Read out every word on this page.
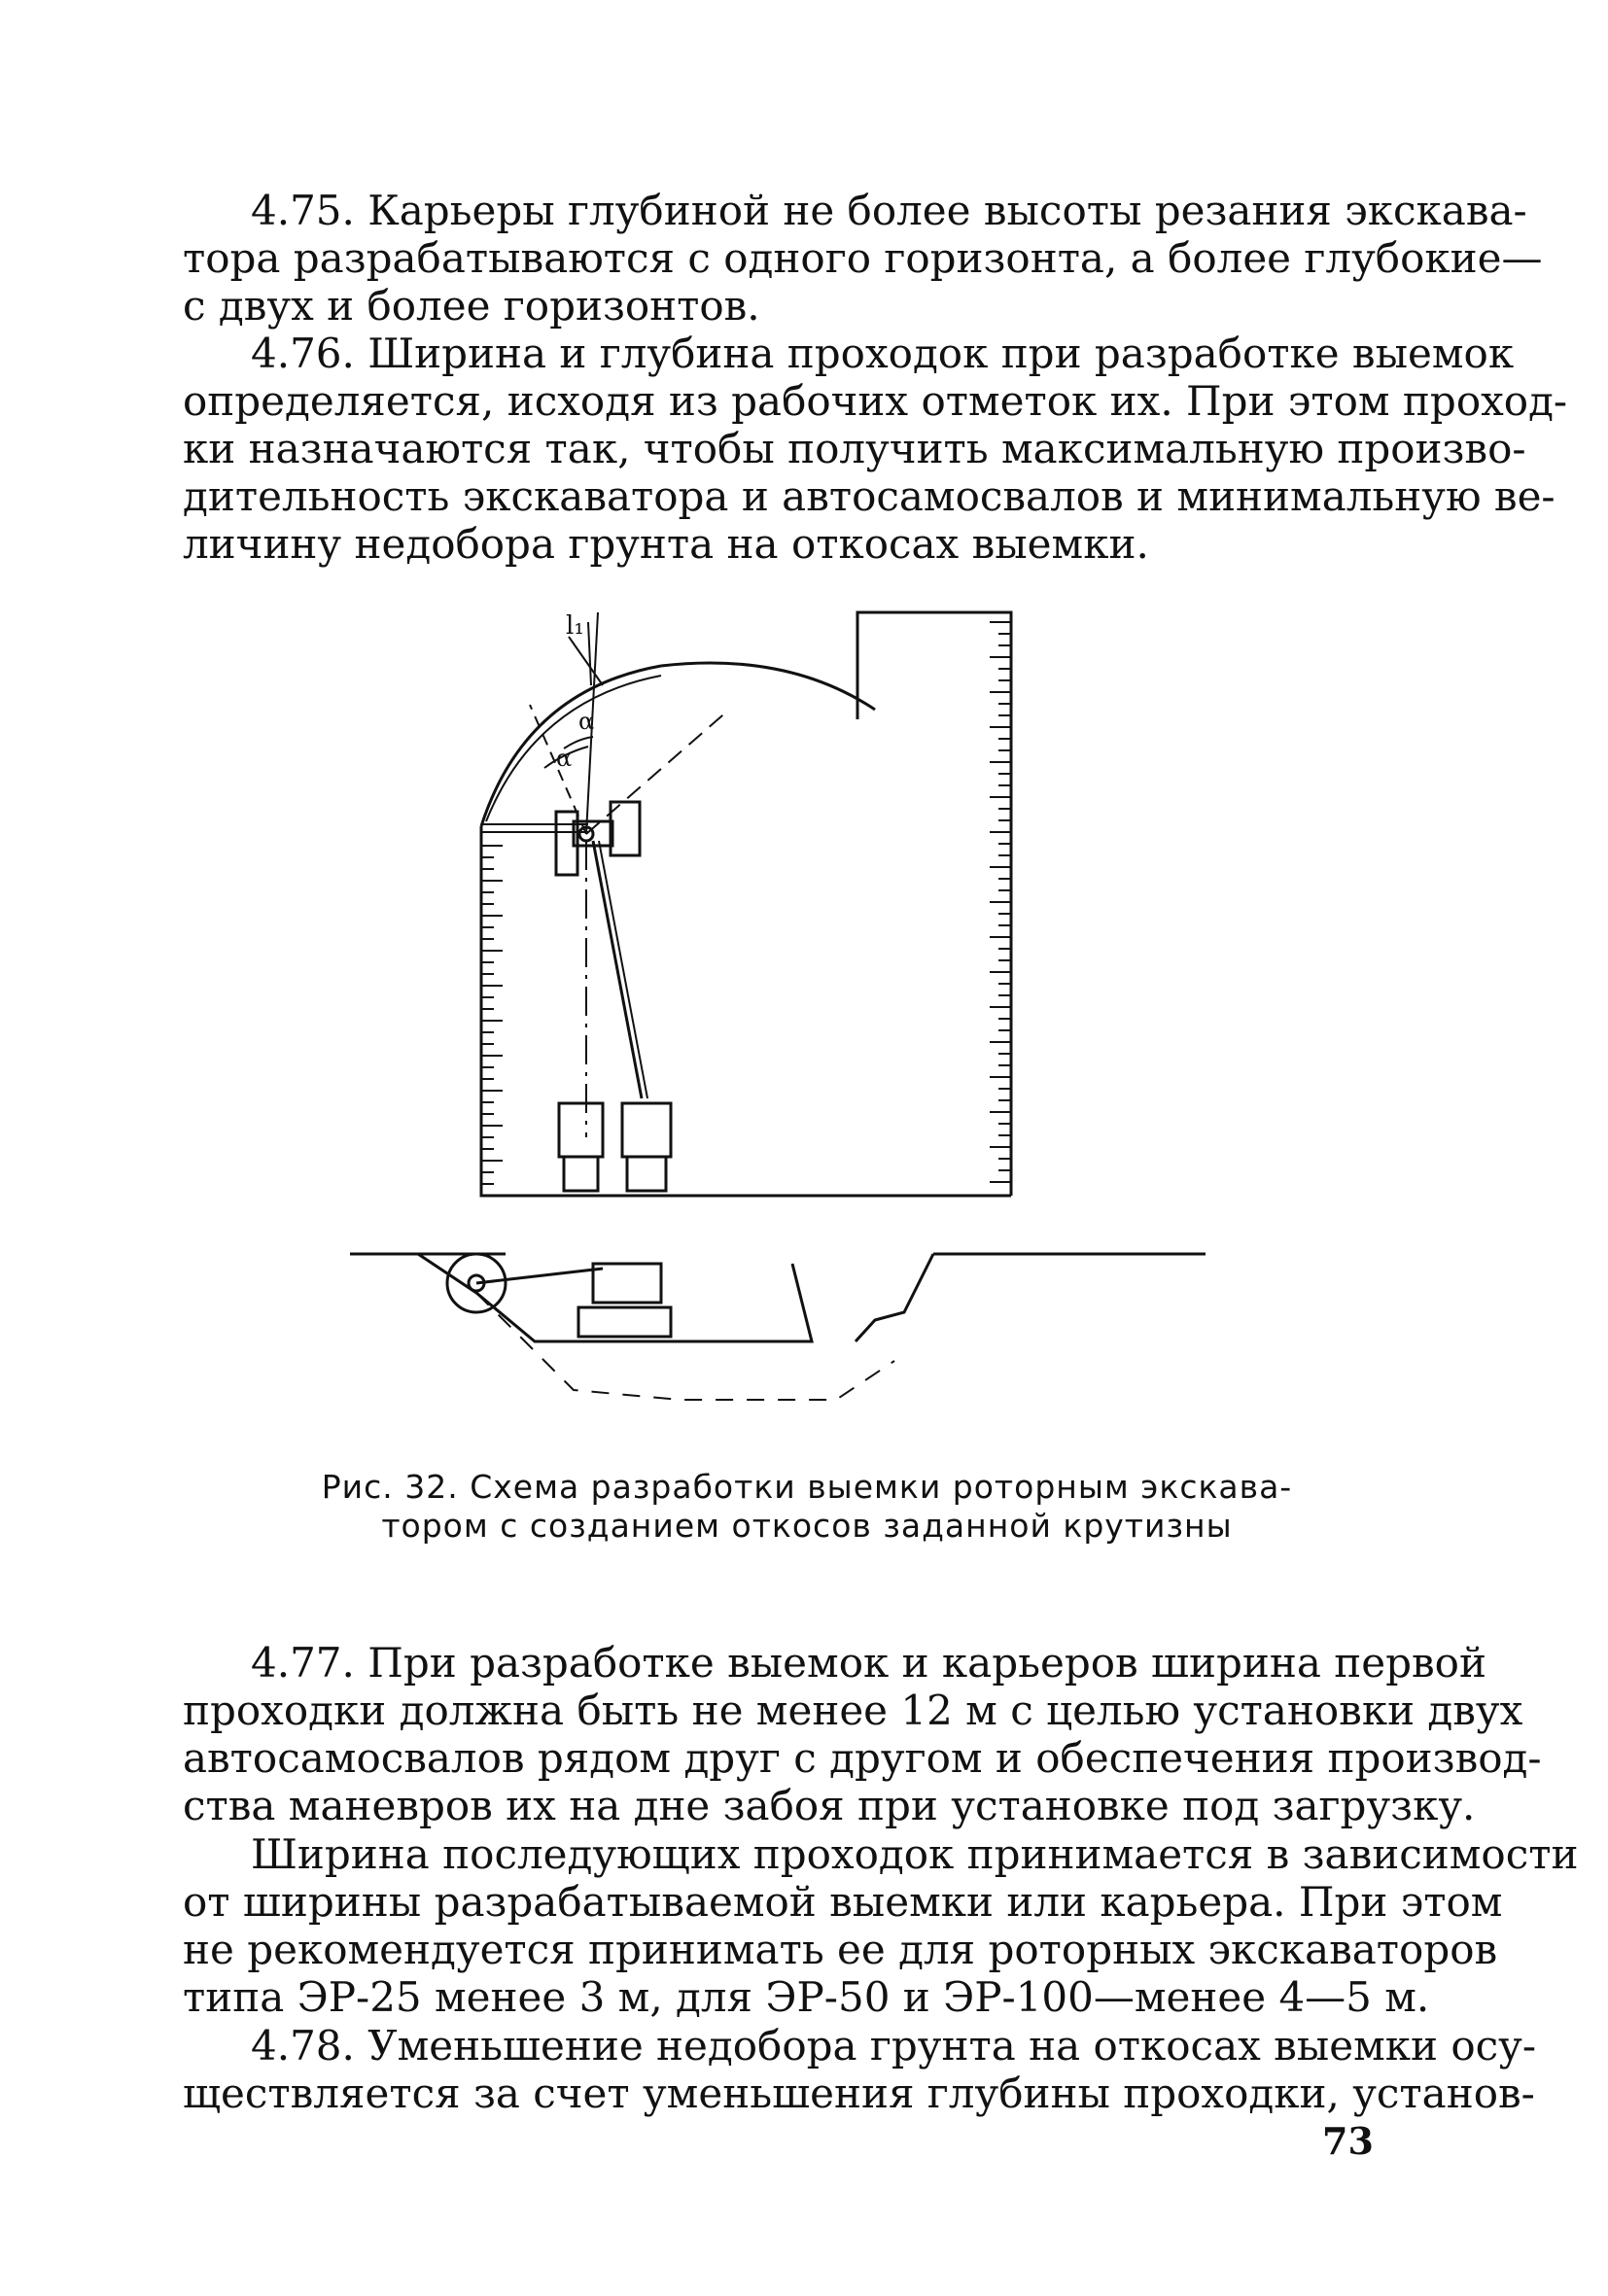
4.75. Карьеры глубиной не более высоты резания экскава-
тора разрабатываются с одного горизонта, а более глубокие—
с двух и более горизонтов.
4.76. Ширина и глубина проходок при разработке выемок
определяется, исходя из рабочих отметок их. При этом проход-
ки назначаются так, чтобы получить максимальную произво-
дительность экскаватора и автосамосвалов и минимальную ве-
личину недобора грунта на откосах выемки.
l₁
α
α
Рис. 32. Схема разработки выемки роторным экскава-
тором с созданием откосов заданной крутизны
4.77. При разработке выемок и карьеров ширина первой
проходки должна быть не менее 12 м с целью установки двух
автосамосвалов рядом друг с другом и обеспечения производ-
ства маневров их на дне забоя при установке под загрузку.
Ширина последующих проходок принимается в зависимости
от ширины разрабатываемой выемки или карьера. При этом
не рекомендуется принимать ее для роторных экскаваторов
типа ЭР-25 менее 3 м, для ЭР-50 и ЭР-100—менее 4—5 м.
4.78. Уменьшение недобора грунта на откосах выемки осу-
ществляется за счет уменьшения глубины проходки, установ-
73
